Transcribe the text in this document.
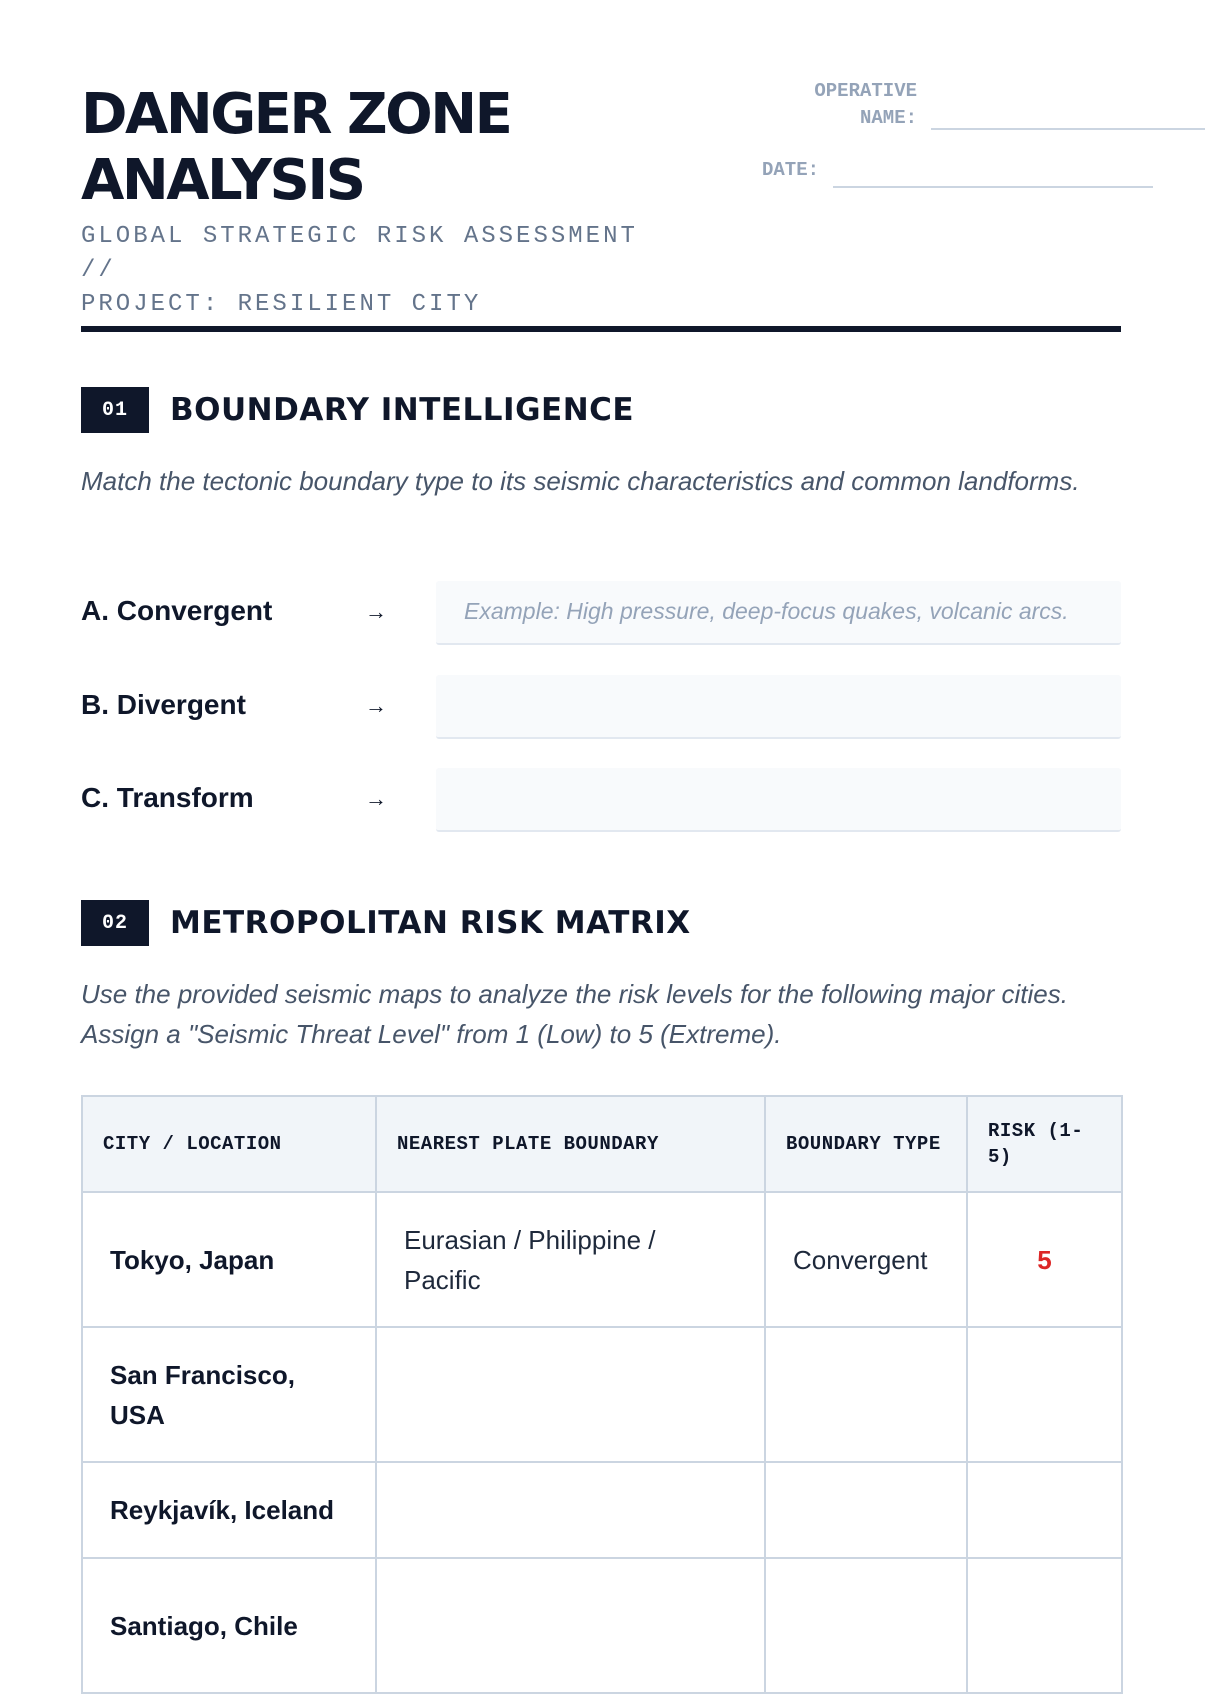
DANGER ZONE
ANALYSIS
GLOBAL STRATEGIC RISK ASSESSMENT //
PROJECT: RESILIENT CITY
OPERATIVE
NAME:
DATE:
01	BOUNDARY INTELLIGENCE

Match the tectonic boundary type to its seismic characteristics and common landforms.

A. Convergent	→	Example: High pressure, deep-focus quakes, volcanic arcs.
B. Divergent	→
C. Transform	→
02	METROPOLITAN RISK MATRIX

Use the provided seismic maps to analyze the risk levels for the following major cities. Assign a "Seismic Threat Level" from 1 (Low) to 5 (Extreme).

CITY / LOCATION	NEAREST PLATE BOUNDARY	BOUNDARY TYPE	RISK (1-5)
Tokyo, Japan	Eurasian / Philippine / Pacific	Convergent	5
San Francisco, USA			
Reykjavík, Iceland			
Santiago, Chile			
